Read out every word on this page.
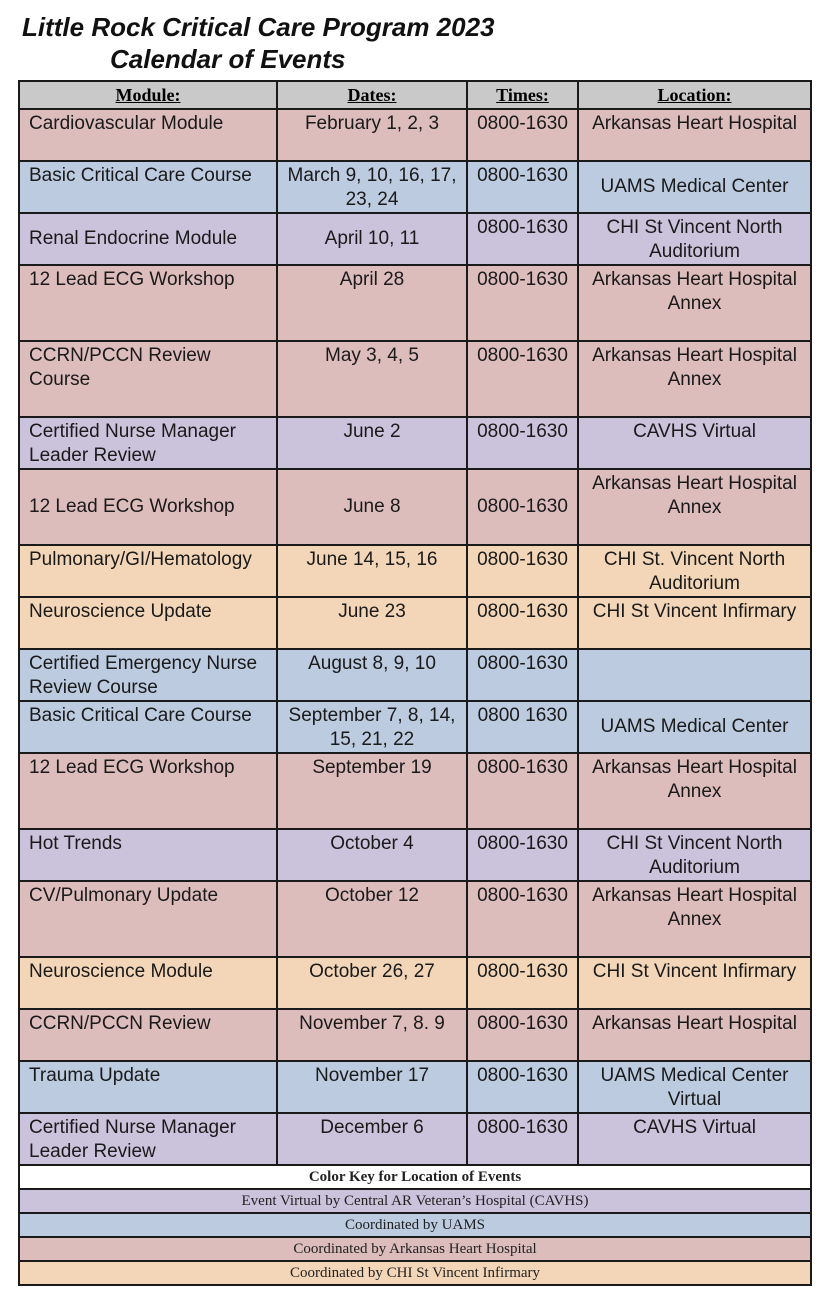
Little Rock Critical Care Program 2023
Calendar of Events
Module:	Dates:	Times:	Location:
Cardiovascular Module	February 1, 2, 3	0800-1630	Arkansas Heart Hospital
Basic Critical Care Course	March 9, 10, 16, 17, 23, 24	0800-1630	UAMS Medical Center
Renal Endocrine Module	April 10, 11	0800-1630	CHI St Vincent North Auditorium
12 Lead ECG Workshop	April 28	0800-1630	Arkansas Heart Hospital Annex
CCRN/PCCN Review Course	May 3, 4, 5	0800-1630	Arkansas Heart Hospital Annex
Certified Nurse Manager Leader Review	June 2	0800-1630	CAVHS Virtual
12 Lead ECG Workshop	June 8	0800-1630	Arkansas Heart Hospital Annex
Pulmonary/GI/Hematology	June 14, 15, 16	0800-1630	CHI St. Vincent North Auditorium
Neuroscience Update	June 23	0800-1630	CHI St Vincent Infirmary
Certified Emergency Nurse Review Course	August 8, 9, 10	0800-1630	
Basic Critical Care Course	September 7, 8, 14, 15, 21, 22	0800 1630	UAMS Medical Center
12 Lead ECG Workshop	September 19	0800-1630	Arkansas Heart Hospital Annex
Hot Trends	October 4	0800-1630	CHI St Vincent North Auditorium
CV/Pulmonary Update	October 12	0800-1630	Arkansas Heart Hospital Annex
Neuroscience Module	October 26, 27	0800-1630	CHI St Vincent Infirmary
CCRN/PCCN Review	November 7, 8. 9	0800-1630	Arkansas Heart Hospital
Trauma Update	November 17	0800-1630	UAMS Medical Center Virtual
Certified Nurse Manager Leader Review	December 6	0800-1630	CAVHS Virtual
Color Key for Location of Events			
Event Virtual by Central AR Veteran’s Hospital (CAVHS)			
Coordinated by UAMS			
Coordinated by Arkansas Heart Hospital			
Coordinated by CHI St Vincent Infirmary			
